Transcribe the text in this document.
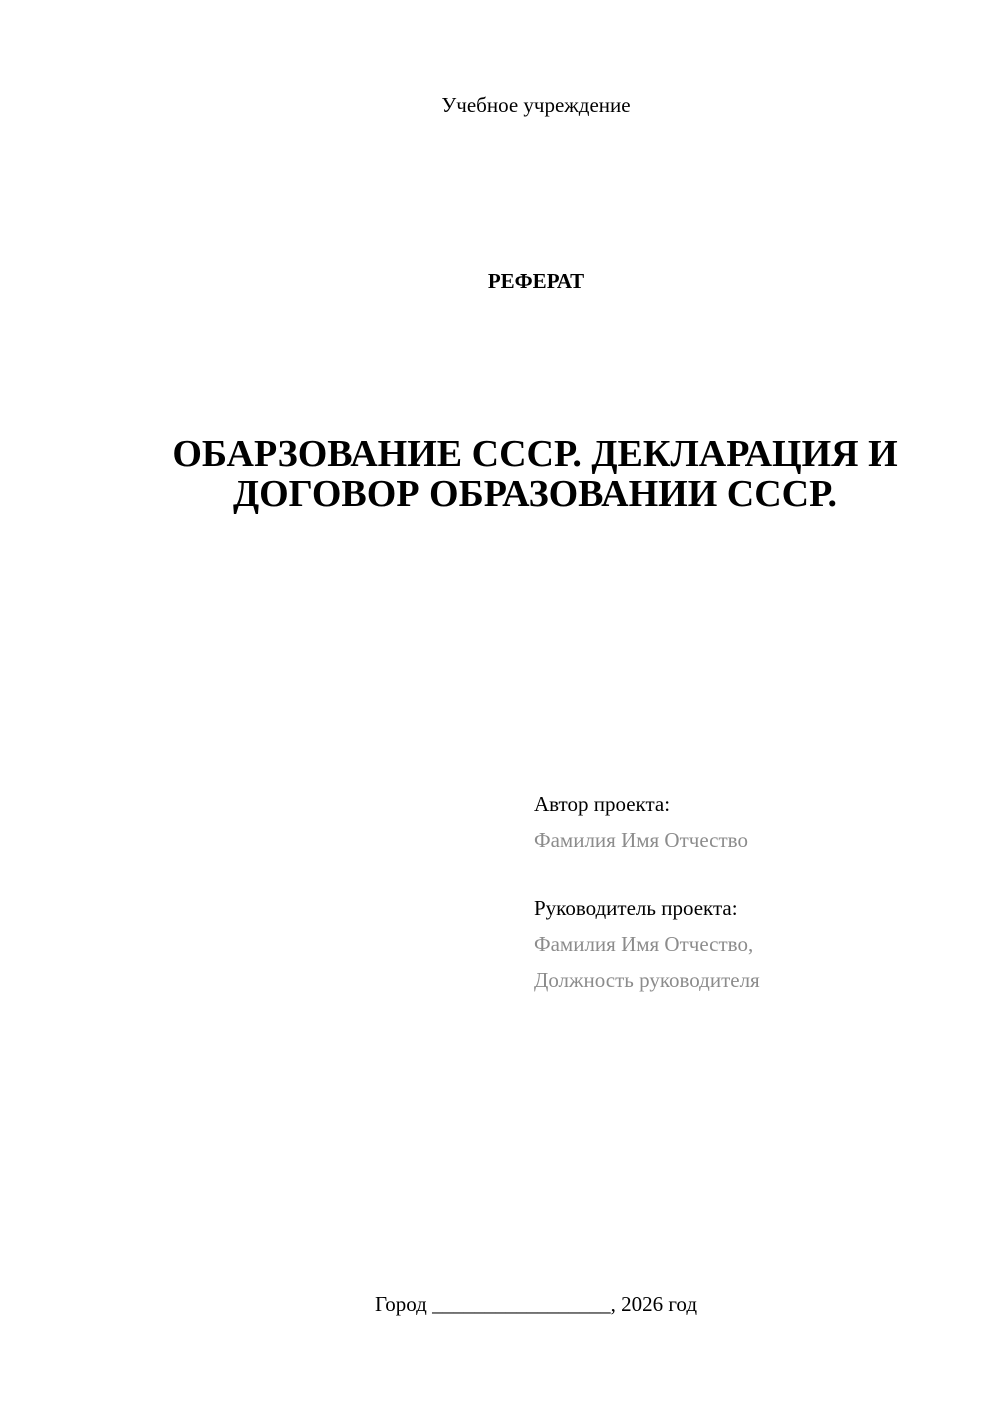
Учебное учреждение
РЕФЕРАТ
ОБАРЗОВАНИЕ СССР. ДЕКЛАРАЦИЯ И
ДОГОВОР ОБРАЗОВАНИИ СССР.
Автор проекта:
Фамилия Имя Отчество
Руководитель проекта:
Фамилия Имя Отчество,
Должность руководителя
Город _________________, 2026 год
